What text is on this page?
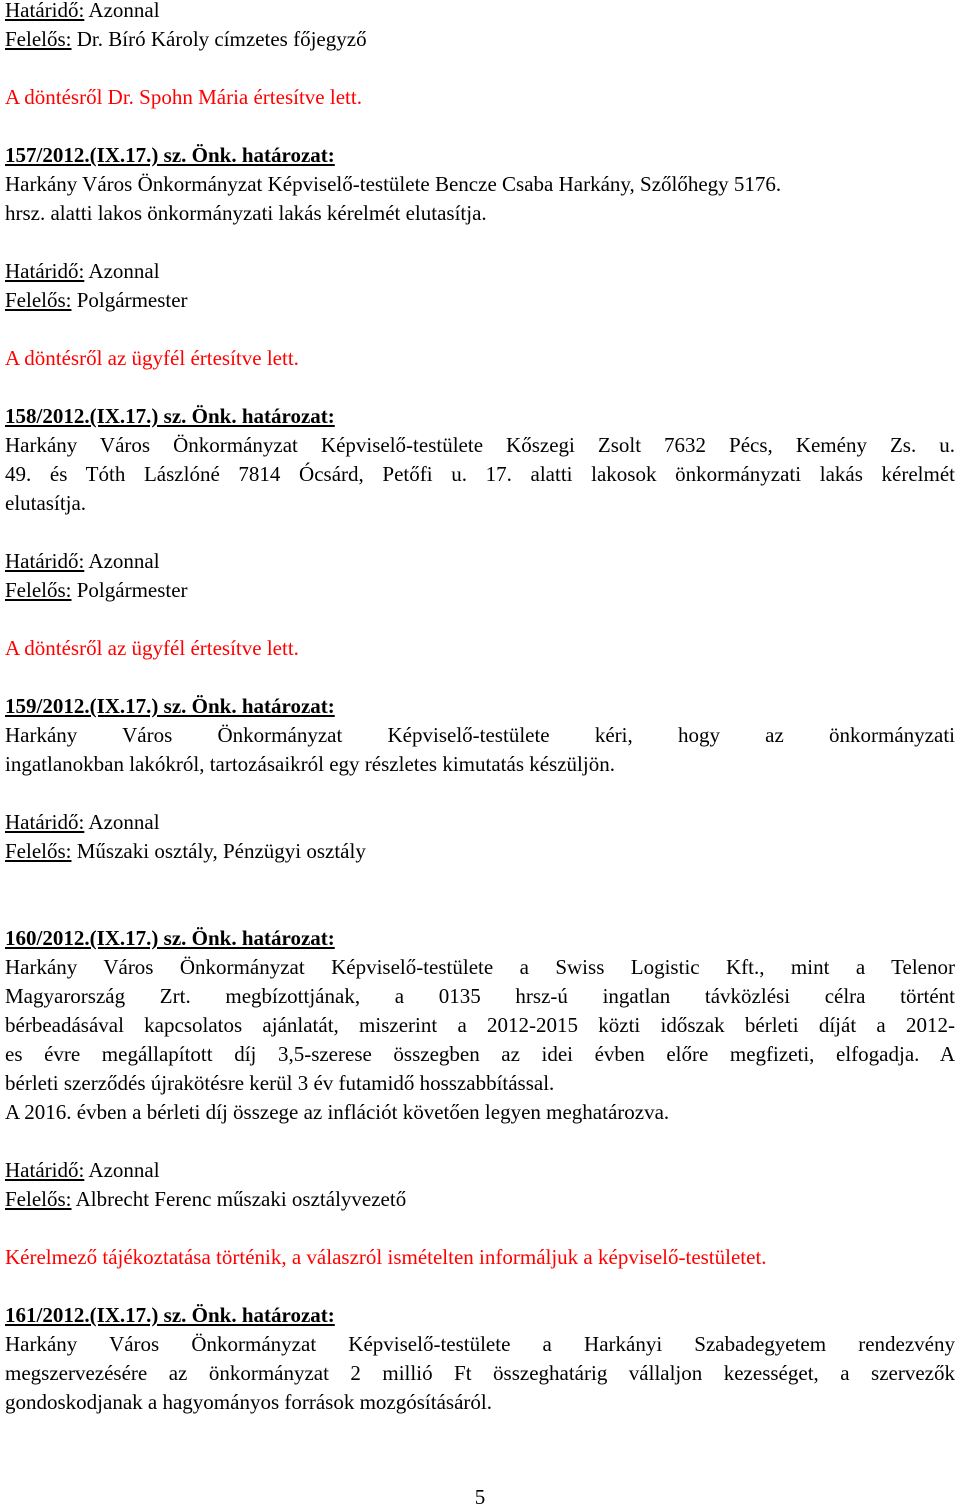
Határidő: Azonnal
Felelős: Dr. Bíró Károly címzetes főjegyző
A döntésről Dr. Spohn Mária értesítve lett.
157/2012.(IX.17.) sz. Önk. határozat:
Harkány Város Önkormányzat Képviselő-testülete Bencze Csaba Harkány, Szőlőhegy 5176.
hrsz. alatti lakos önkormányzati lakás kérelmét elutasítja.
Határidő: Azonnal
Felelős: Polgármester
A döntésről az ügyfél értesítve lett.
158/2012.(IX.17.) sz. Önk. határozat:
Harkány Város Önkormányzat Képviselő-testülete Kőszegi Zsolt 7632 Pécs, Kemény Zs. u.
49. és Tóth Lászlóné 7814 Ócsárd, Petőfi u. 17. alatti lakosok önkormányzati lakás kérelmét
elutasítja.
Határidő: Azonnal
Felelős: Polgármester
A döntésről az ügyfél értesítve lett.
159/2012.(IX.17.) sz. Önk. határozat:
Harkány Város Önkormányzat Képviselő-testülete kéri, hogy az önkormányzati
ingatlanokban lakókról, tartozásaikról egy részletes kimutatás készüljön.
Határidő: Azonnal
Felelős: Műszaki osztály, Pénzügyi osztály
160/2012.(IX.17.) sz. Önk. határozat:
Harkány Város Önkormányzat Képviselő-testülete a Swiss Logistic Kft., mint a Telenor
Magyarország Zrt. megbízottjának, a 0135 hrsz-ú ingatlan távközlési célra történt
bérbeadásával kapcsolatos ajánlatát, miszerint a 2012-2015 közti időszak bérleti díját a 2012-
es évre megállapított díj 3,5-szerese összegben az idei évben előre megfizeti, elfogadja. A
bérleti szerződés újrakötésre kerül 3 év futamidő hosszabbítással.
A 2016. évben a bérleti díj összege az inflációt követően legyen meghatározva.
Határidő: Azonnal
Felelős: Albrecht Ferenc műszaki osztályvezető
Kérelmező tájékoztatása történik, a válaszról ismételten informáljuk a képviselő-testületet.
161/2012.(IX.17.) sz. Önk. határozat:
Harkány Város Önkormányzat Képviselő-testülete a Harkányi Szabadegyetem rendezvény
megszervezésére az önkormányzat 2 millió Ft összeghatárig vállaljon kezességet, a szervezők
gondoskodjanak a hagyományos források mozgósításáról.
5
